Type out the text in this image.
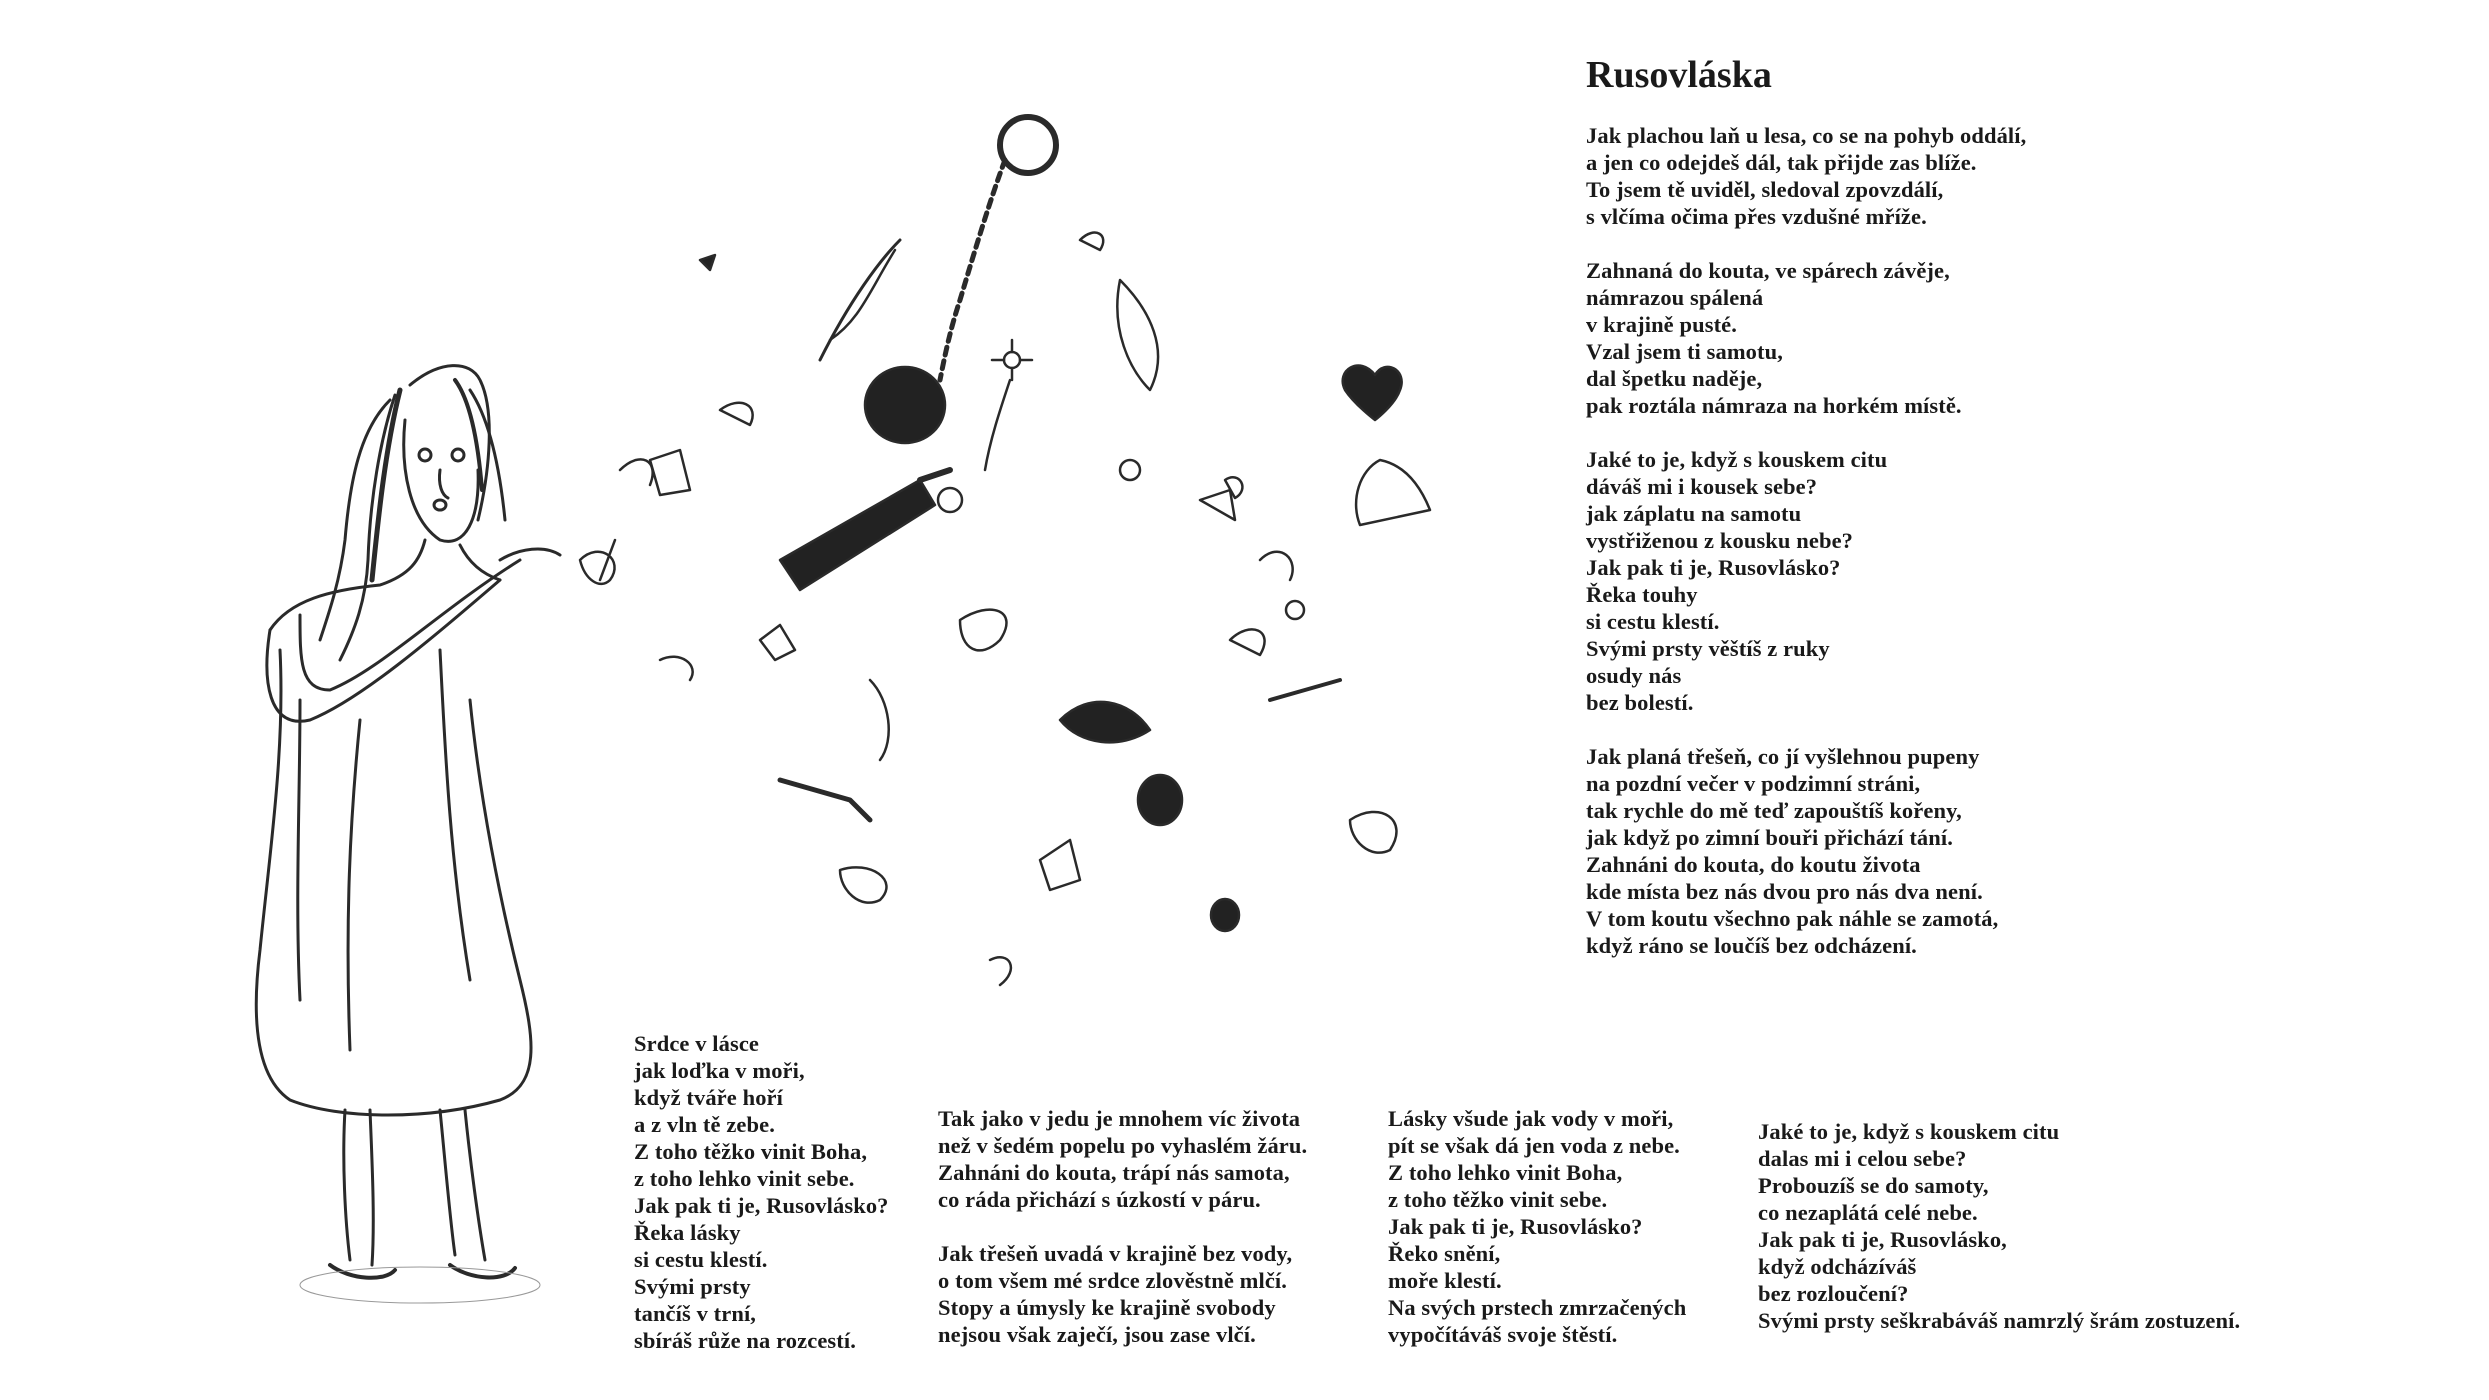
Rusovláska
Jak plachou laň u lesa, co se na pohyb oddálí,
a jen co odejdeš dál, tak přijde zas blíže.
To jsem tě uviděl, sledoval zpovzdálí,
s vlčíma očima přes vzdušné mříže.
Zahnaná do kouta, ve spárech závěje,
námrazou spálená
v krajině pusté.
Vzal jsem ti samotu,
dal špetku naděje,
pak roztála námraza na horkém místě.
Jaké to je, když s kouskem citu
dáváš mi i kousek sebe?
jak záplatu na samotu
vystřiženou z kousku nebe?
Jak pak ti je, Rusovlásko?
Řeka touhy
si cestu klestí.
Svými prsty věštíš z ruky
osudy nás
bez bolestí.
Jak planá třešeň, co jí vyšlehnou pupeny
na pozdní večer v podzimní stráni,
tak rychle do mě teď zapouštíš kořeny,
jak když po zimní bouři přichází tání.
Zahnáni do kouta, do koutu života
kde místa bez nás dvou pro nás dva není.
V tom koutu všechno pak náhle se zamotá,
když ráno se loučíš bez odcházení.
Srdce v lásce
jak loďka v moři,
když tváře hoří
a z vln tě zebe.
Z toho těžko vinit Boha,
z toho lehko vinit sebe.
Jak pak ti je, Rusovlásko?
Řeka lásky
si cestu klestí.
Svými prsty
tančíš v trní,
sbíráš růže na rozcestí.
Tak jako v jedu je mnohem víc života
než v šedém popelu po vyhaslém žáru.
Zahnáni do kouta, trápí nás samota,
co ráda přichází s úzkostí v páru.
Jak třešeň uvadá v krajině bez vody,
o tom všem mé srdce zlověstně mlčí.
Stopy a úmysly ke krajině svobody
nejsou však zaječí, jsou zase vlčí.
Lásky všude jak vody v moři,
pít se však dá jen voda z nebe.
Z toho lehko vinit Boha,
z toho těžko vinit sebe.
Jak pak ti je, Rusovlásko?
Řeko snění,
moře klestí.
Na svých prstech zmrzačených
vypočítáváš svoje štěstí.
Jaké to je, když s kouskem citu
dalas mi i celou sebe?
Probouzíš se do samoty,
co nezaplátá celé nebe.
Jak pak ti je, Rusovlásko,
když odcházíváš
bez rozloučení?
Svými prsty seškrabáváš namrzlý šrám zostuzení.
